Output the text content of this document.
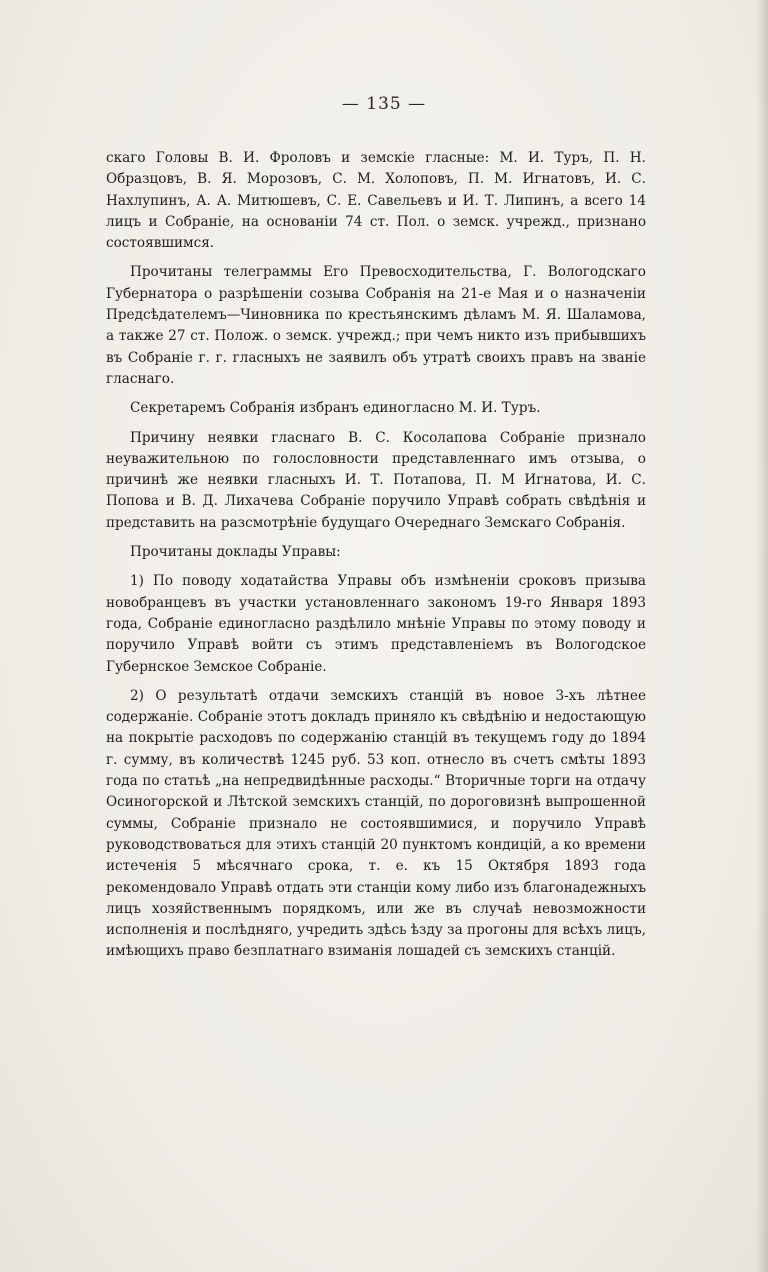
— 135 —

скаго Головы В. И. Фроловъ и земскіе гласные: М. И. Туръ, П. Н. Образцовъ, В. Я. Морозовъ, С. М. Холоповъ, П. М. Игнатовъ, И. С. Нахлупинъ, А. А. Митюшевъ, С. Е. Савельевъ и И. Т. Липинъ, а всего 14 лицъ и Собраніе, на основаніи 74 ст. Пол. о земск. учрежд., признано состоявшимся.

Прочитаны телеграммы Его Превосходительства, Г. Вологодскаго Губернатора о разрѣшеніи созыва Собранія на 21-е Мая и о назначеніи Предсѣдателемъ—Чиновника по крестьянскимъ дѣламъ М. Я. Шаламова, а также 27 ст. Полож. о земск. учрежд.; при чемъ никто изъ прибывшихъ въ Собраніе г. г. гласныхъ не заявилъ объ утратѣ своихъ правъ на званіе гласнаго.

Секретаремъ Собранія избранъ единогласно М. И. Туръ.

Причину неявки гласнаго В. С. Косолапова Собраніе признало неуважительною по голословности представленнаго имъ отзыва, о причинѣ же неявки гласныхъ И. Т. Потапова, П. М Игнатова, И. С. Попова и В. Д. Лихачева Собраніе поручило Управѣ собрать свѣдѣнія и представить на разсмотрѣніе будущаго Очереднаго Земскаго Собранія.

Прочитаны доклады Управы:

1) По поводу ходатайства Управы объ измѣненіи сроковъ призыва новобранцевъ въ участки установленнаго закономъ 19-го Января 1893 года, Собраніе единогласно раздѣлило мнѣніе Управы по этому поводу и поручило Управѣ войти съ этимъ представленіемъ въ Вологодское Губернское Земское Собраніе.

2) О результатѣ отдачи земскихъ станцій въ новое 3-хъ лѣтнее содержаніе. Собраніе этотъ докладъ приняло къ свѣдѣнію и недостающую на покрытіе расходовъ по содержанію станцій въ текущемъ году до 1894 г. сумму, въ количествѣ 1245 руб. 53 коп. отнесло въ счетъ смѣты 1893 года по статьѣ „на непредвидѣнные расходы.“ Вторичные торги на отдачу Осиногорской и Лѣтской земскихъ станцій, по дороговизнѣ выпрошенной суммы, Собраніе признало не состоявшимися, и поручило Управѣ руководствоваться для этихъ станцій 20 пунктомъ кондицій, а ко времени истеченія 5 мѣсячнаго срока, т. е. къ 15 Октября 1893 года рекомендовало Управѣ отдать эти станціи кому либо изъ благонадежныхъ лицъ хозяйственнымъ порядкомъ, или же въ случаѣ невозможности исполненія и послѣдняго, учредить здѣсь ѣзду за прогоны для всѣхъ лицъ, имѣющихъ право безплатнаго взиманія лошадей съ земскихъ станцій.
